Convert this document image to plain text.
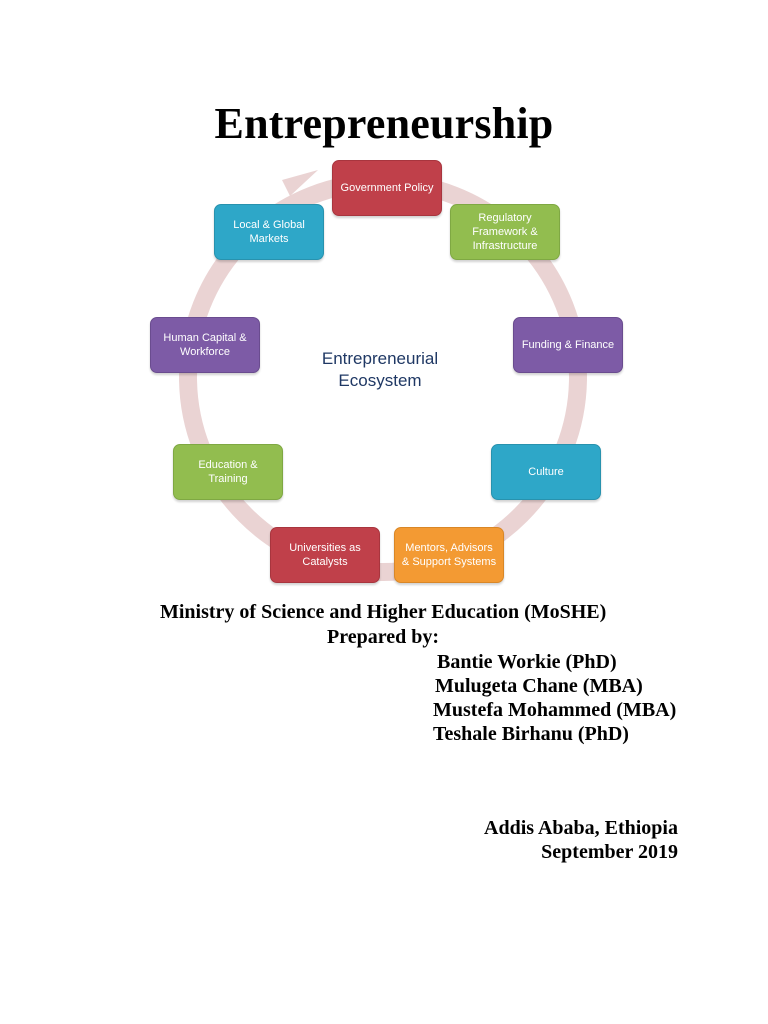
Entrepreneurship
Government Policy
Regulatory Framework & Infrastructure
Funding & Finance
Culture
Mentors, Advisors & Support Systems
Universities as Catalysts
Education & Training
Human Capital & Workforce
Local & Global Markets
Entrepreneurial
Ecosystem
Ministry of Science and Higher Education (MoSHE)
Prepared by:
Bantie Workie (PhD)
Mulugeta Chane (MBA)
Mustefa Mohammed (MBA)
Teshale Birhanu (PhD)
Addis Ababa, Ethiopia
September 2019
